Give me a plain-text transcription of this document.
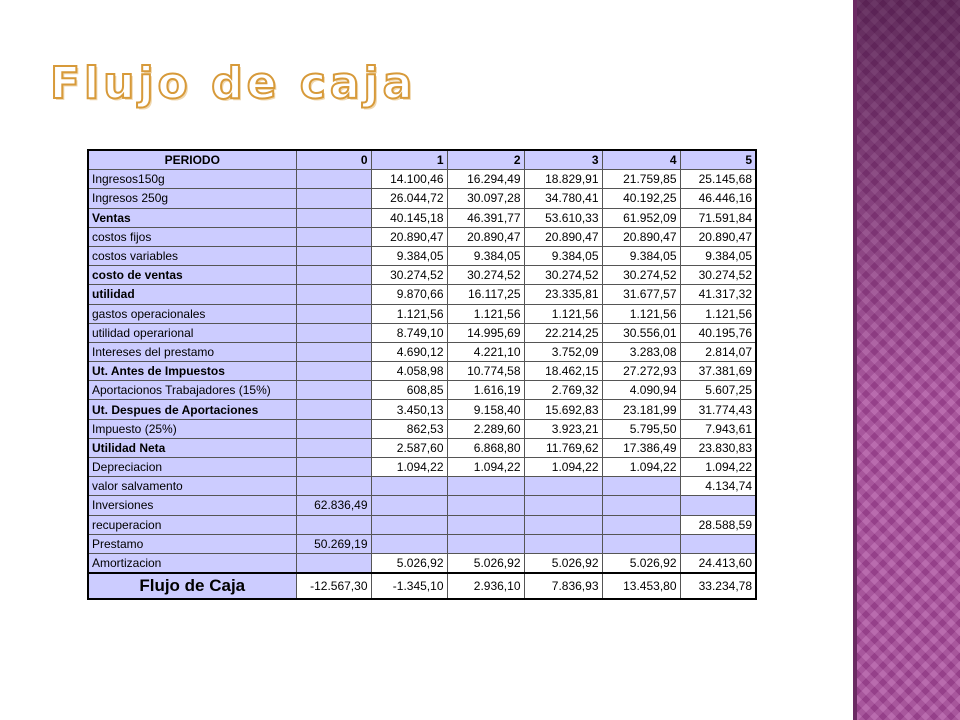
Flujo de caja
PERIODO	0	1	2	3	4	5
Ingresos150g		14.100,46	16.294,49	18.829,91	21.759,85	25.145,68
Ingresos 250g		26.044,72	30.097,28	34.780,41	40.192,25	46.446,16
Ventas		40.145,18	46.391,77	53.610,33	61.952,09	71.591,84
costos fijos		20.890,47	20.890,47	20.890,47	20.890,47	20.890,47
costos variables		9.384,05	9.384,05	9.384,05	9.384,05	9.384,05
costo de ventas		30.274,52	30.274,52	30.274,52	30.274,52	30.274,52
utilidad		9.870,66	16.117,25	23.335,81	31.677,57	41.317,32
gastos operacionales		1.121,56	1.121,56	1.121,56	1.121,56	1.121,56
utilidad operarional		8.749,10	14.995,69	22.214,25	30.556,01	40.195,76
Intereses del prestamo		4.690,12	4.221,10	3.752,09	3.283,08	2.814,07
Ut. Antes de Impuestos		4.058,98	10.774,58	18.462,15	27.272,93	37.381,69
Aportacionos Trabajadores (15%)		608,85	1.616,19	2.769,32	4.090,94	5.607,25
Ut. Despues de Aportaciones		3.450,13	9.158,40	15.692,83	23.181,99	31.774,43
Impuesto (25%)		862,53	2.289,60	3.923,21	5.795,50	7.943,61
Utilidad Neta		2.587,60	6.868,80	11.769,62	17.386,49	23.830,83
Depreciacion		1.094,22	1.094,22	1.094,22	1.094,22	1.094,22
valor salvamento						4.134,74
Inversiones	62.836,49					
recuperacion						28.588,59
Prestamo	50.269,19					
Amortizacion		5.026,92	5.026,92	5.026,92	5.026,92	24.413,60
Flujo de Caja	-12.567,30	-1.345,10	2.936,10	7.836,93	13.453,80	33.234,78
